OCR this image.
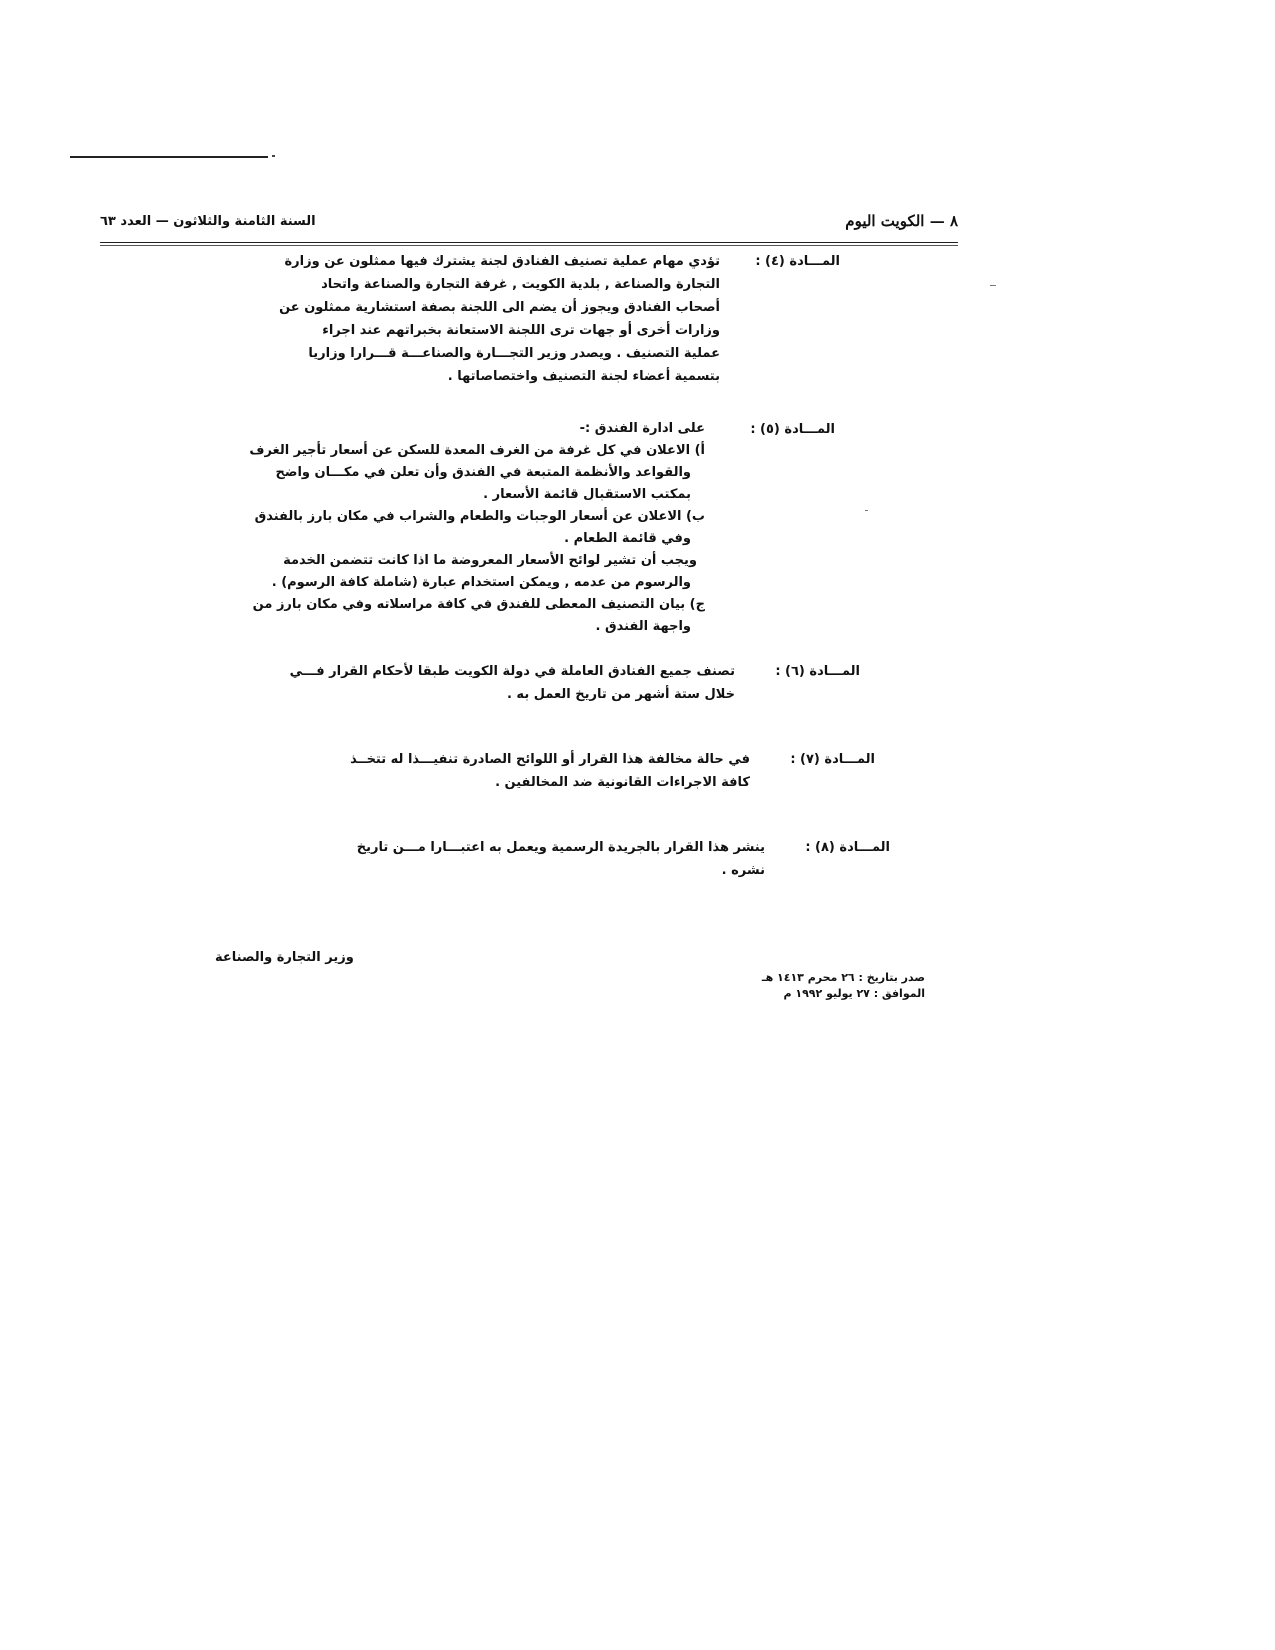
٨ — الكويت اليوم
السنة الثامنة والثلاثون — العدد ٦٣
المـــادة (٤) :
تؤدي مهام عملية تصنيف الفنادق لجنة يشترك فيها ممثلون عن وزارة
التجارة والصناعة , بلدية الكويت , غرفة التجارة والصناعة واتحاد
أصحاب الفنادق ويجوز أن يضم الى اللجنة بصفة استشارية ممثلون عن
وزارات أخرى أو جهات ترى اللجنة الاستعانة بخبراتهم عند اجراء
عملية التصنيف . ويصدر وزير التجـــارة والصناعـــة قـــرارا وزاريا
بتسمية أعضاء لجنة التصنيف واختصاصاتها .
المـــادة (٥) :
على ادارة الفندق :-
أ) الاعلان في كل غرفة من الغرف المعدة للسكن عن أسعار تأجير الغرف
والقواعد والأنظمة المتبعة في الفندق وأن تعلن في مكـــان واضح
بمكتب الاستقبال قائمة الأسعار .
ب) الاعلان عن أسعار الوجبات والطعام والشراب في مكان بارز بالفندق
وفي قائمة الطعام .
ويجب أن تشير لوائح الأسعار المعروضة ما اذا كانت تتضمن الخدمة
والرسوم من عدمه , ويمكن استخدام عبارة (شاملة كافة الرسوم) .
ج) بيان التصنيف المعطى للفندق في كافة مراسلاته وفي مكان بارز من
واجهة الفندق .
المـــادة (٦) :
تصنف جميع الفنادق العاملة في دولة الكويت طبقا لأحكام القرار فـــي
خلال ستة أشهر من تاريخ العمل به .
المـــادة (٧) :
في حالة مخالفة هذا القرار أو اللوائح الصادرة تنفيـــذا له تتخــذ
كافة الاجراءات القانونية ضد المخالفين .
المـــادة (٨) :
ينشر هذا القرار بالجريدة الرسمية ويعمل به اعتبـــارا مـــن تاريخ
نشره .
وزير التجارة والصناعة
صدر بتاريخ : ٢٦ محرم ١٤١٣ هـ
الموافق : ٢٧ يوليو ١٩٩٢ م
